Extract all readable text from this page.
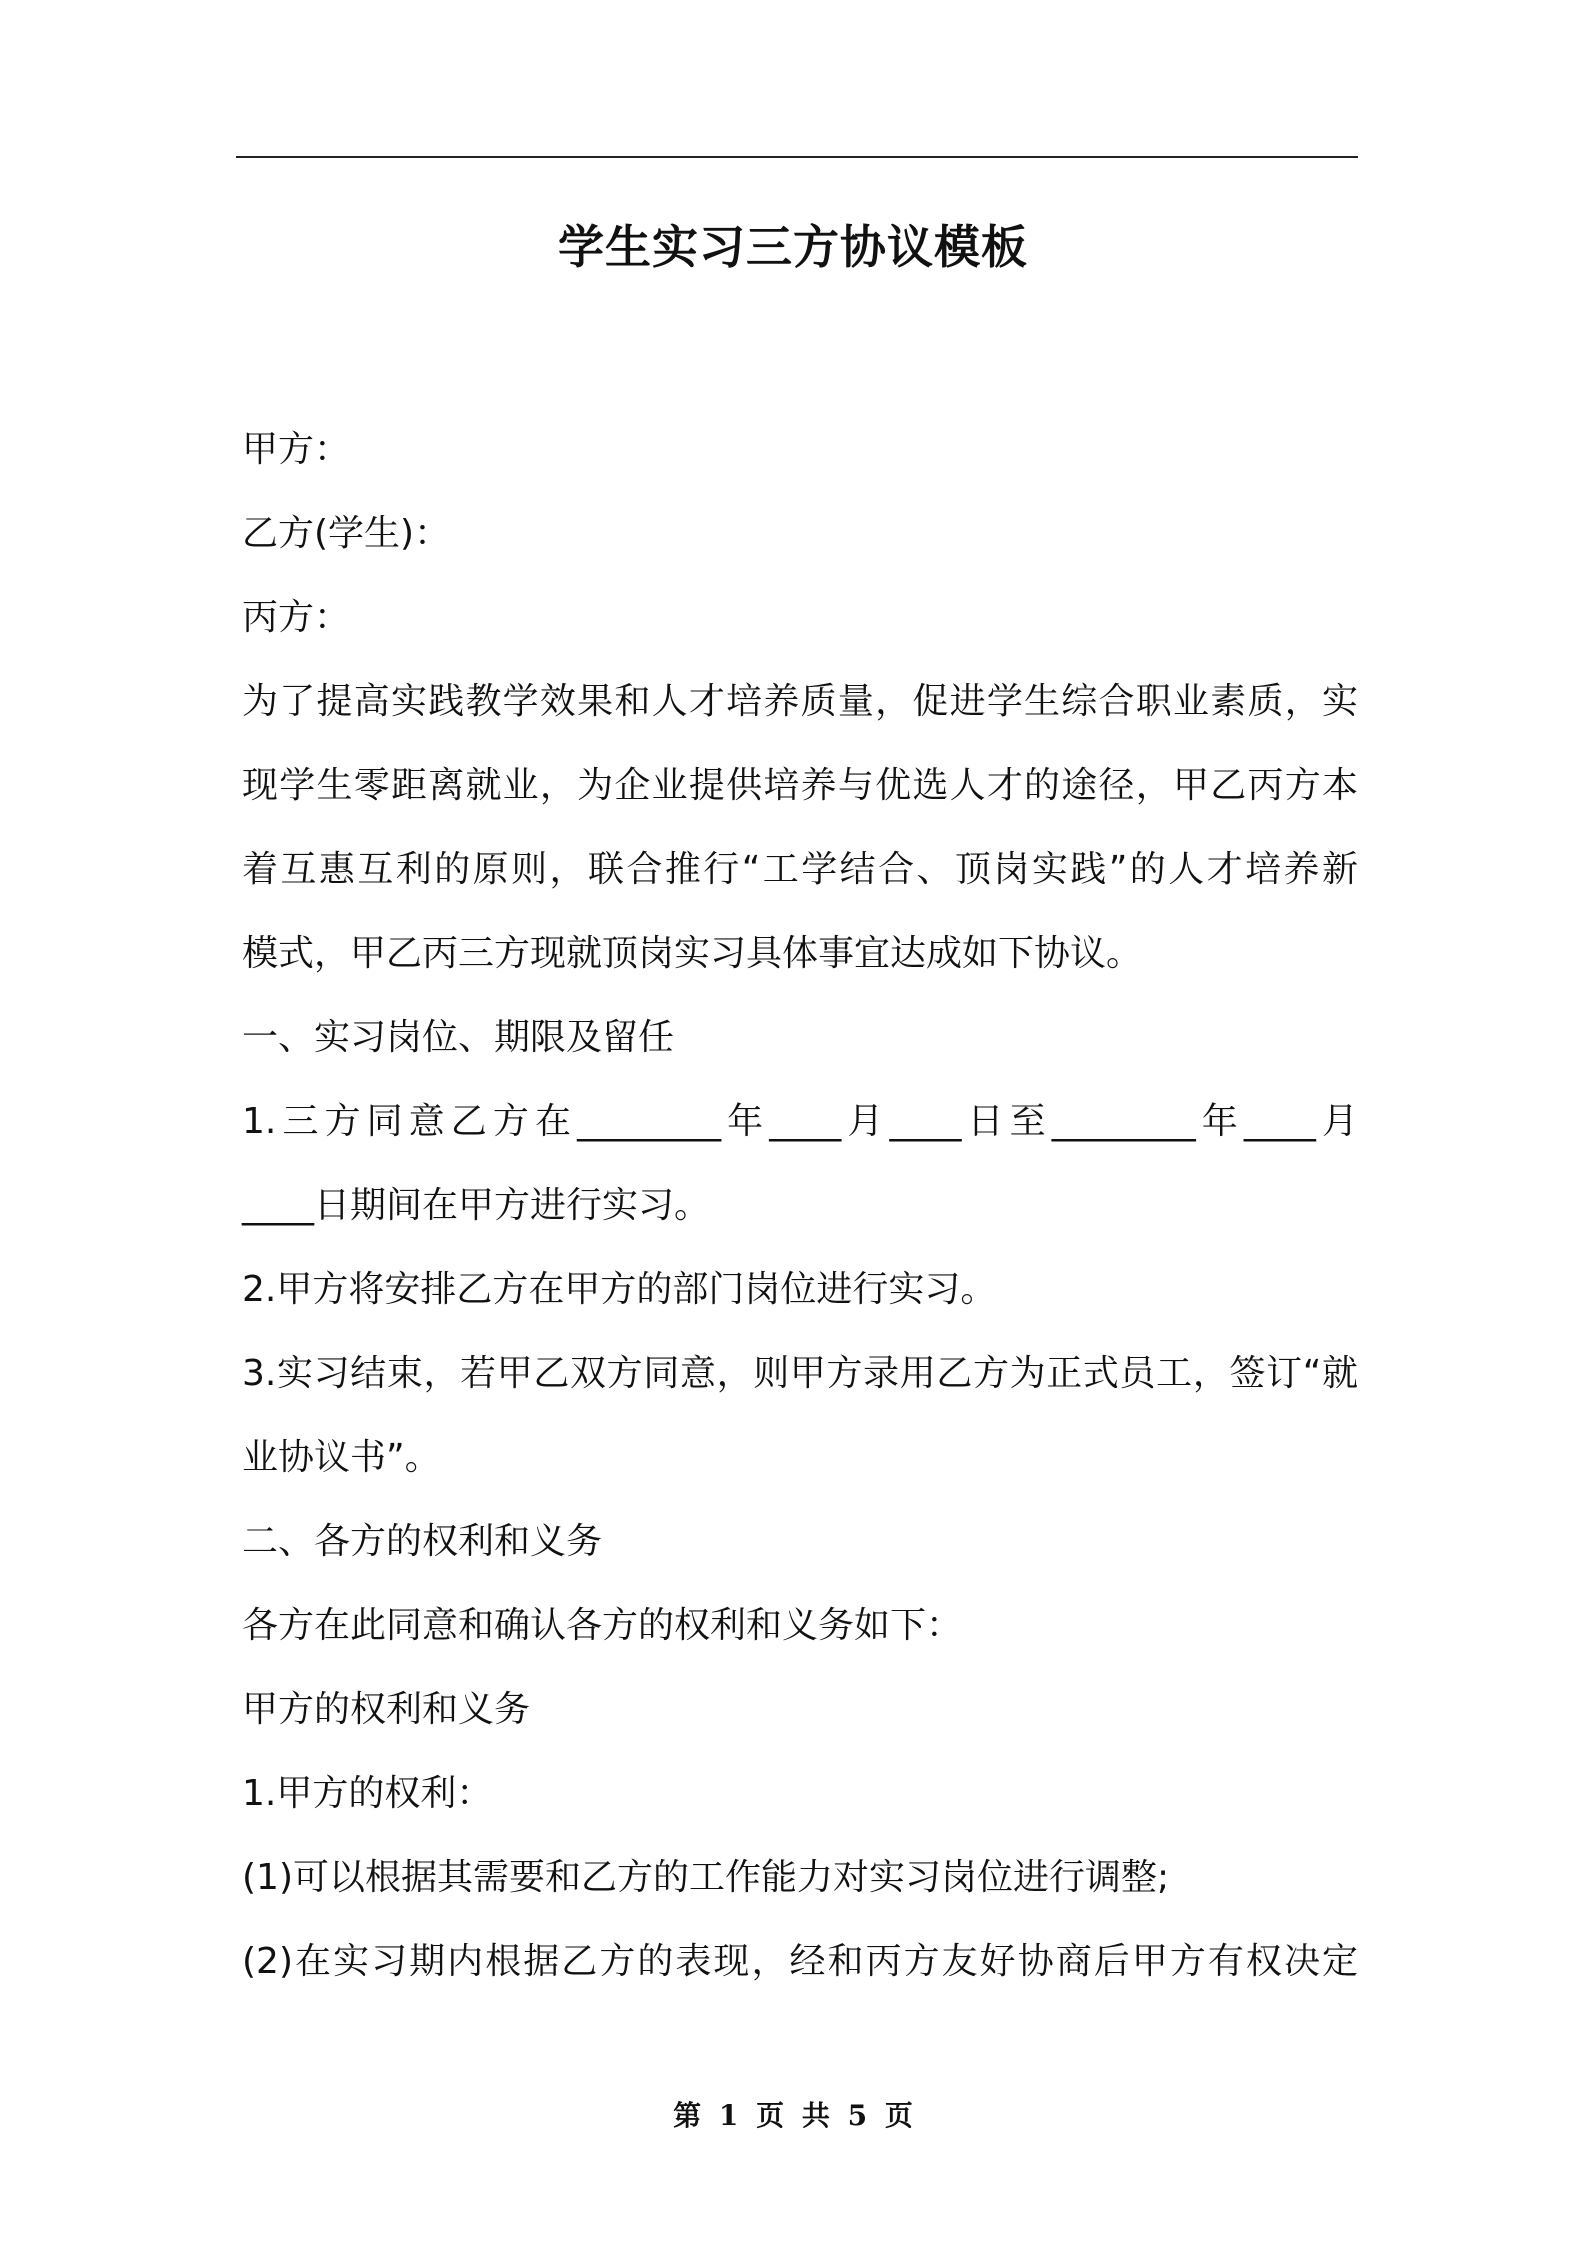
学生实习三方协议模板
甲方：
乙方(学生)：
丙方：
为了提高实践教学效果和人才培养质量，促进学生综合职业素质，实
现学生零距离就业，为企业提供培养与优选人才的途径，甲乙丙方本
着互惠互利的原则，联合推行“工学结合、顶岗实践”的人才培养新
模式，甲乙丙三方现就顶岗实习具体事宜达成如下协议。
一、实习岗位、期限及留任
1.三方同意乙方在________年____月____日至________年____月
____日期间在甲方进行实习。
2.甲方将安排乙方在甲方的部门岗位进行实习。
3.实习结束，若甲乙双方同意，则甲方录用乙方为正式员工，签订“就
业协议书”。
二、各方的权利和义务
各方在此同意和确认各方的权利和义务如下：
甲方的权利和义务
1.甲方的权利：
(1)可以根据其需要和乙方的工作能力对实习岗位进行调整;
(2)在实习期内根据乙方的表现，经和丙方友好协商后甲方有权决定
第 1 页 共 5 页
